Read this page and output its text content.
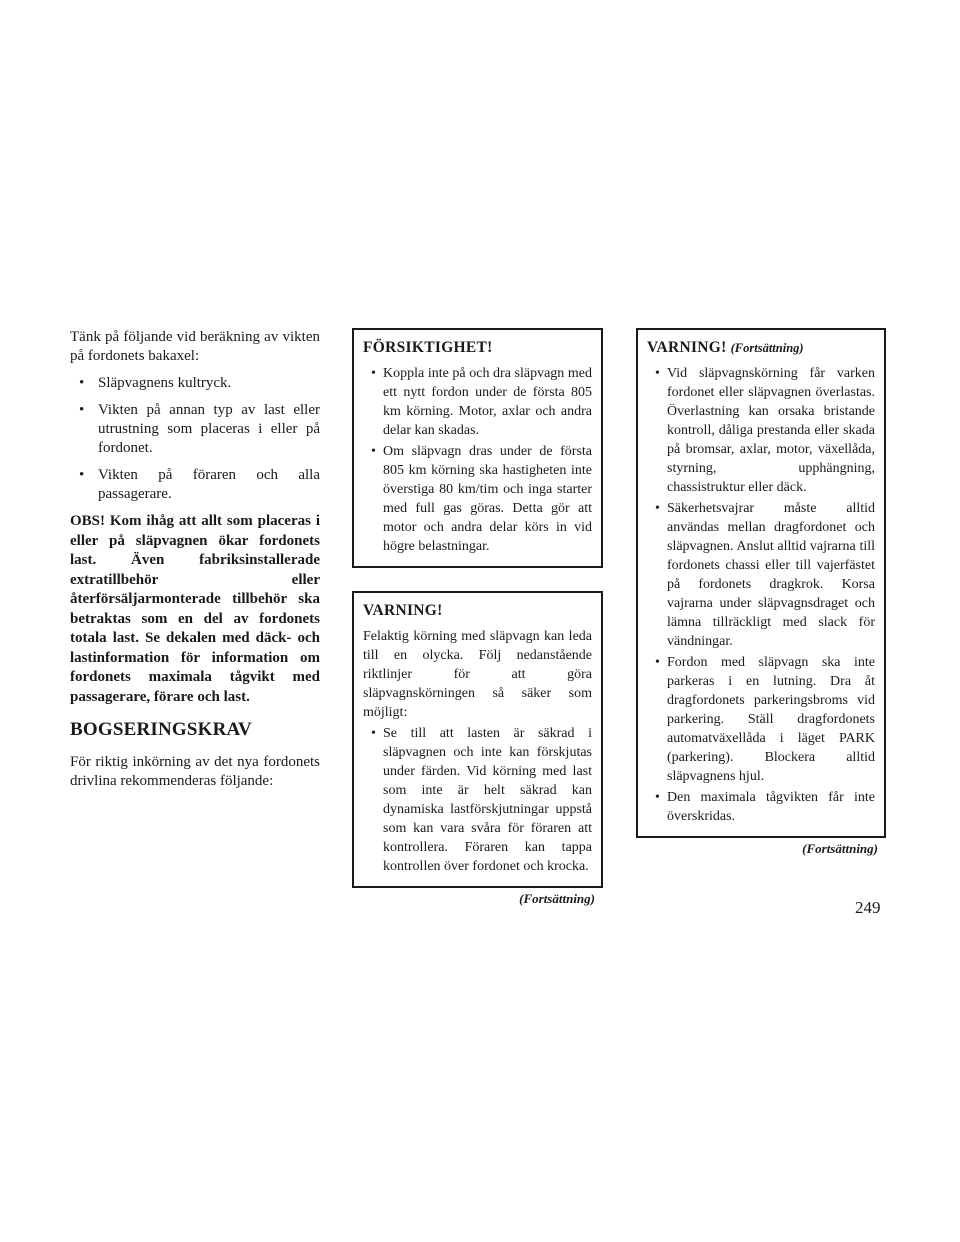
Tänk på följande vid beräkning av vikten på fordonets bakaxel:

• Släpvagnens kultryck.
• Vikten på annan typ av last eller utrustning som placeras i eller på fordonet.
• Vikten på föraren och alla passagerare.

OBS! Kom ihåg att allt som placeras i eller på släpvagnen ökar fordonets last. Även fabriksinstallerade extratillbehör eller återförsäljarmonterade tillbehör ska betraktas som en del av fordonets totala last. Se dekalen med däck- och lastinformation för information om fordonets maximala tågvikt med passagerare, förare och last.

BOGSERINGSKRAV

För riktig inkörning av det nya fordonets drivlina rekommenderas följande:

FÖRSIKTIGHET!
• Koppla inte på och dra släpvagn med ett nytt fordon under de första 805 km körning. Motor, axlar och andra delar kan skadas.
• Om släpvagn dras under de första 805 km körning ska hastigheten inte överstiga 80 km/tim och inga starter med full gas göras. Detta gör att motor och andra delar körs in vid högre belastningar.
VARNING!

Felaktig körning med släpvagn kan leda till en olycka. Följ nedanstående riktlinjer för att göra släpvagnskörningen så säker som möjligt:

• Se till att lasten är säkrad i släpvagnen och inte kan förskjutas under färden. Vid körning med last som inte är helt säkrad kan dynamiska lastförskjutningar uppstå som kan vara svåra för föraren att kontrollera. Föraren kan tappa kontrollen över fordonet och krocka.
(Fortsättning)
VARNING! (Fortsättning)
• Vid släpvagnskörning får varken fordonet eller släpvagnen överlastas. Överlastning kan orsaka bristande kontroll, dåliga prestanda eller skada på bromsar, axlar, motor, växellåda, styrning, upphängning, chassistruktur eller däck.
• Säkerhetsvajrar måste alltid användas mellan dragfordonet och släpvagnen. Anslut alltid vajrarna till fordonets chassi eller till vajerfästet på fordonets dragkrok. Korsa vajrarna under släpvagnsdraget och lämna tillräckligt med slack för vändningar.
• Fordon med släpvagn ska inte parkeras i en lutning. Dra åt dragfordonets parkeringsbroms vid parkering. Ställ dragfordonets automatväxellåda i läget PARK (parkering). Blockera alltid släpvagnens hjul.
• Den maximala tågvikten får inte överskridas.
(Fortsättning)
249
